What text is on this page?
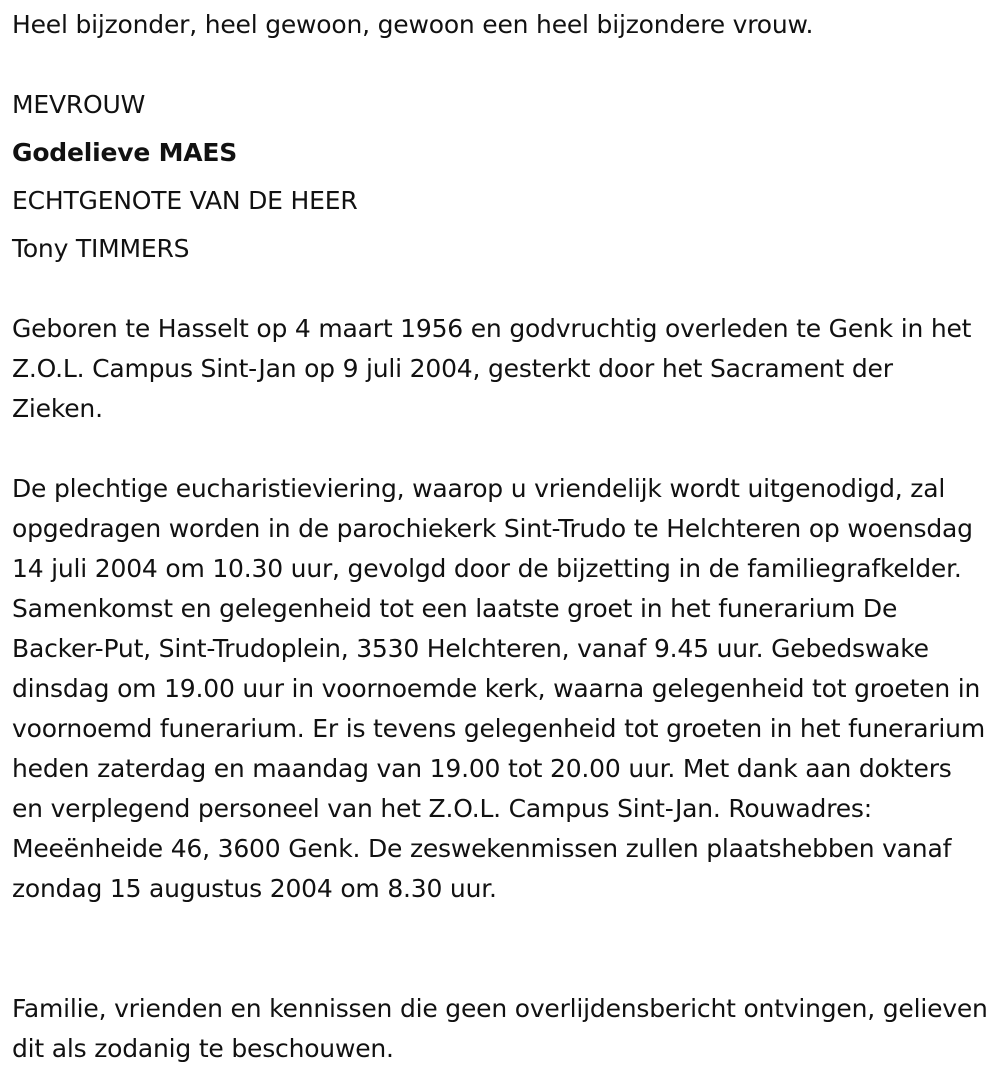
Heel bijzonder, heel gewoon, gewoon een heel bijzondere vrouw.
MEVROUW
Godelieve MAES
ECHTGENOTE VAN DE HEER
Tony TIMMERS

Geboren te Hasselt op 4 maart 1956 en godvruchtig overleden te Genk in het Z.O.L. Campus Sint-Jan op 9 juli 2004, gesterkt door het Sacrament der Zieken.

De plechtige eucharistieviering, waarop u vriendelijk wordt uitgenodigd, zal opgedragen worden in de parochiekerk Sint-Trudo te Helchteren op woensdag 14 juli 2004 om 10.30 uur, gevolgd door de bijzetting in de familiegrafkelder. Samenkomst en gelegenheid tot een laatste groet in het funerarium De Backer-Put, Sint-Trudoplein, 3530 Helchteren, vanaf 9.45 uur. Gebedswake dinsdag om 19.00 uur in voornoemde kerk, waarna gelegenheid tot groeten in voornoemd funerarium. Er is tevens gelegenheid tot groeten in het funerarium heden zaterdag en maandag van 19.00 tot 20.00 uur. Met dank aan dokters en verplegend personeel van het Z.O.L. Campus Sint-Jan. Rouwadres: Meeënheide 46, 3600 Genk. De zeswekenmissen zullen plaatshebben vanaf zondag 15 augustus 2004 om 8.30 uur.

Familie, vrienden en kennissen die geen overlijdensbericht ontvingen, gelieven dit als zodanig te beschouwen.
